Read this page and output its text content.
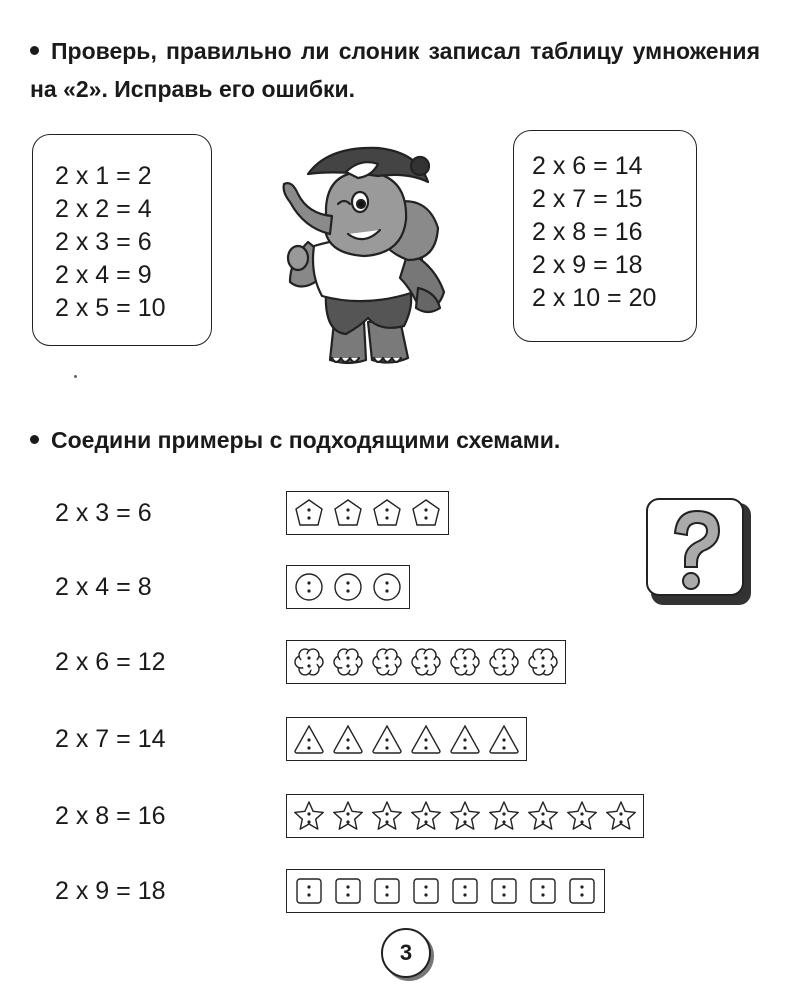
Проверь, правильно ли слоник записал таблицу умножения на «2». Исправь его ошибки.
2 x 1 = 2
2 x 2 = 4
2 x 3 = 6
2 x 4 = 9
2 x 5 = 10
2 x 6 = 14
2 x 7 = 15
2 x 8 = 16
2 x 9 = 18
2 x 10 = 20
Соедини примеры с подходящими схемами.
2 x 3 = 6
2 x 4 = 8
2 x 6 = 12
2 x 7 = 14
2 x 8 = 16
2 x 9 = 18
3
